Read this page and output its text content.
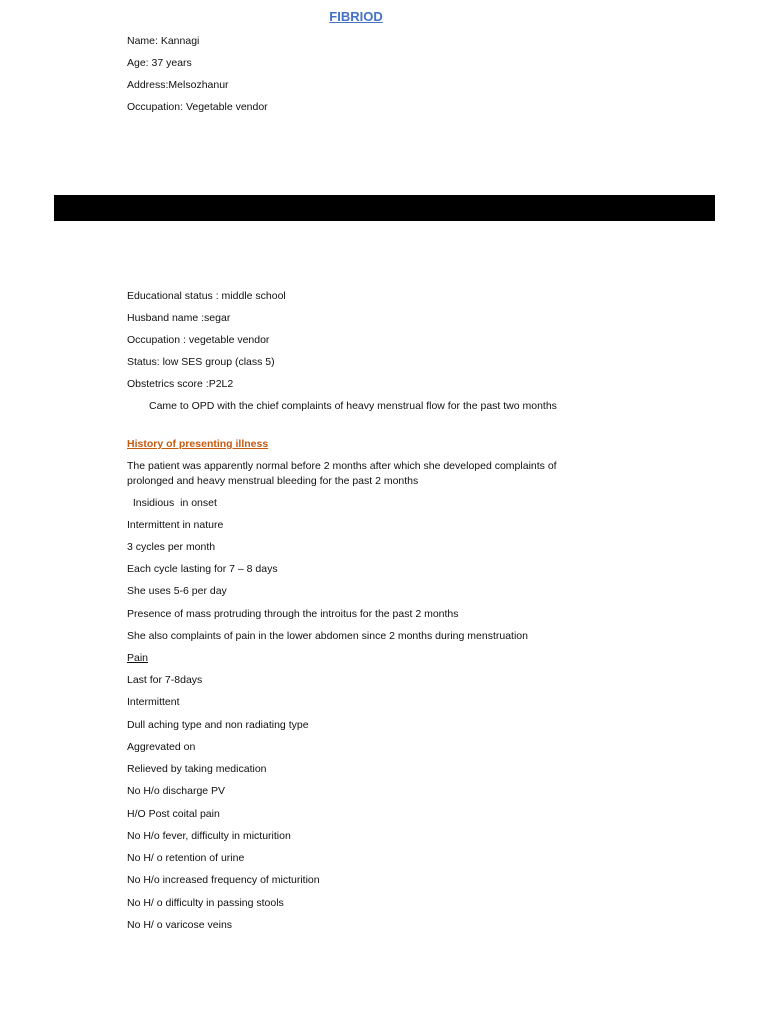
FIBRIOD
Name: Kannagi
Age: 37 years
Address:Melsozhanur
Occupation: Vegetable vendor
Educational status : middle school
Husband name :segar
Occupation : vegetable vendor
Status: low SES group (class 5)
Obstetrics score :P2L2
Came to OPD with the chief complaints of heavy menstrual flow for the past two months
History of presenting illness
The patient was apparently normal before 2 months after which she developed complaints of prolonged and heavy menstrual bleeding for the past 2 months
Insidious  in onset
Intermittent in nature
3 cycles per month
Each cycle lasting for 7 – 8 days
She uses 5-6 per day
Presence of mass protruding through the introitus for the past 2 months
She also complaints of pain in the lower abdomen since 2 months during menstruation
Pain
Last for 7-8days
Intermittent
Dull aching type and non radiating type
Aggrevated on
Relieved by taking medication
No H/o discharge PV
H/O Post coital pain
No H/o fever, difficulty in micturition
No H/ o retention of urine
No H/o increased frequency of micturition
No H/ o difficulty in passing stools
No H/ o varicose veins
